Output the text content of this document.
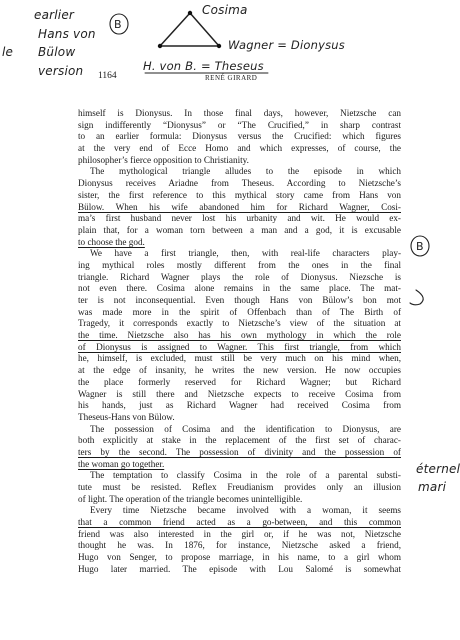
earlier
Hans von
Bülow
version
B
le
Cosima
Wagner = Dionysus
H. von B. = Theseus
B
éternel
mari
1164	RENÉ GIRARD
himself is Dionysus. In those final days, however, Nietzsche can
sign indifferently “Dionysus” or “The Crucified,” in sharp contrast
to an earlier formula: Dionysus versus the Crucified: which figures
at the very end of Ecce Homo and which expresses, of course, the
philosopher’s fierce opposition to Christianity.
The mythological triangle alludes to the episode in which
Dionysus receives Ariadne from Theseus. According to Nietzsche’s
sister, the first reference to this mythical story came from Hans von
Bülow. When his wife abandoned him for Richard Wagner, Cosi-
ma’s first husband never lost his urbanity and wit. He would ex-
plain that, for a woman torn between a man and a god, it is excusable
to choose the god.
We have a first triangle, then, with real-life characters play-
ing mythical roles mostly different from the ones in the final
triangle. Richard Wagner plays the role of Dionysus. Niezsche is
not even there. Cosima alone remains in the same place. The mat-
ter is not inconsequential. Even though Hans von Bülow’s bon mot
was made more in the spirit of Offenbach than of The Birth of
Tragedy, it corresponds exactly to Nietzsche’s view of the situation at
the time. Nietzsche also has his own mythology in which the role
of Dionysus is assigned to Wagner. This first triangle, from which
he, himself, is excluded, must still be very much on his mind when,
at the edge of insanity, he writes the new version. He now occupies
the place formerly reserved for Richard Wagner; but Richard
Wagner is still there and Nietzsche expects to receive Cosima from
his hands, just as Richard Wagner had received Cosima from
Theseus-Hans von Bülow.
The possession of Cosima and the identification to Dionysus, are
both explicitly at stake in the replacement of the first set of charac-
ters by the second. The possession of divinity and the possession of
the woman go together.
The temptation to classify Cosima in the role of a parental substi-
tute must be resisted. Reflex Freudianism provides only an illusion
of light. The operation of the triangle becomes unintelligible.
Every time Nietzsche became involved with a woman, it seems
that a common friend acted as a go-between, and this common
friend was also interested in the girl or, if he was not, Nietzsche
thought he was. In 1876, for instance, Nietzsche asked a friend,
Hugo von Senger, to propose marriage, in his name, to a girl whom
Hugo later married. The episode with Lou Salomé is somewhat
